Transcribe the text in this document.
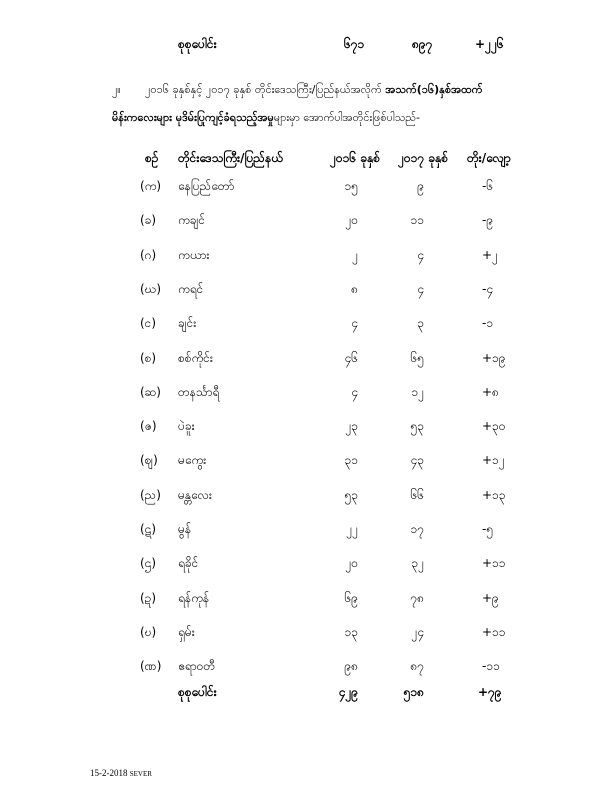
စုစုပေါင်း	၆၇၁	၈၉၇	+၂၂၆
၂။ ၂၀၁၆ ခုနှစ်နှင့် ၂၀၁၇ ခုနှစ် တိုင်းဒေသကြီး/ပြည်နယ်အလိုက် အသက်(၁၆)နှစ်အထက်
မိန်းကလေးများ မုဒိမ်းပြုကျင့်ခံရသည့်အမှုများမှာ အောက်ပါအတိုင်းဖြစ်ပါသည်-
စဉ် တိုင်းဒေသကြီး/ပြည်နယ်	၂၀၁၆ ခုနှစ် ၂၀၁၇ ခုနှစ် တိုး/လျော့
(က) နေပြည်တော်	၁၅	၉	-၆
(ခ) ကချင်	၂၀	၁၁	-၉
(ဂ) ကယား	၂	၄	+၂
(ဃ) ကရင်	၈	၄	-၄
(င) ချင်း	၄	၃	-၁
(စ) စစ်ကိုင်း	၄၆	၆၅	+၁၉
(ဆ) တနင်္သာရီ	၄	၁၂	+၈
(ဇ) ပဲခူး	၂၃	၅၃	+၃၀
(ဈ) မကွေး	၃၁	၄၃	+၁၂
(ည) မန္တလေး	၅၃	၆၆	+၁၃
(ဋ) မွန်	၂၂	၁၇	-၅
(ဌ) ရခိုင်	၂၀	၃၂	+၁၁
(ဍ) ရန်ကုန်	၆၉	၇၈	+၉
(ဎ) ရှမ်း	၁၃	၂၄	+၁၁
(ဏ) ဧရာဝတီ	၉၈	၈၇	-၁၁
စုစုပေါင်း	၄၂၉	၅၁၈	+၇၉
15-2-2018 SEVER
